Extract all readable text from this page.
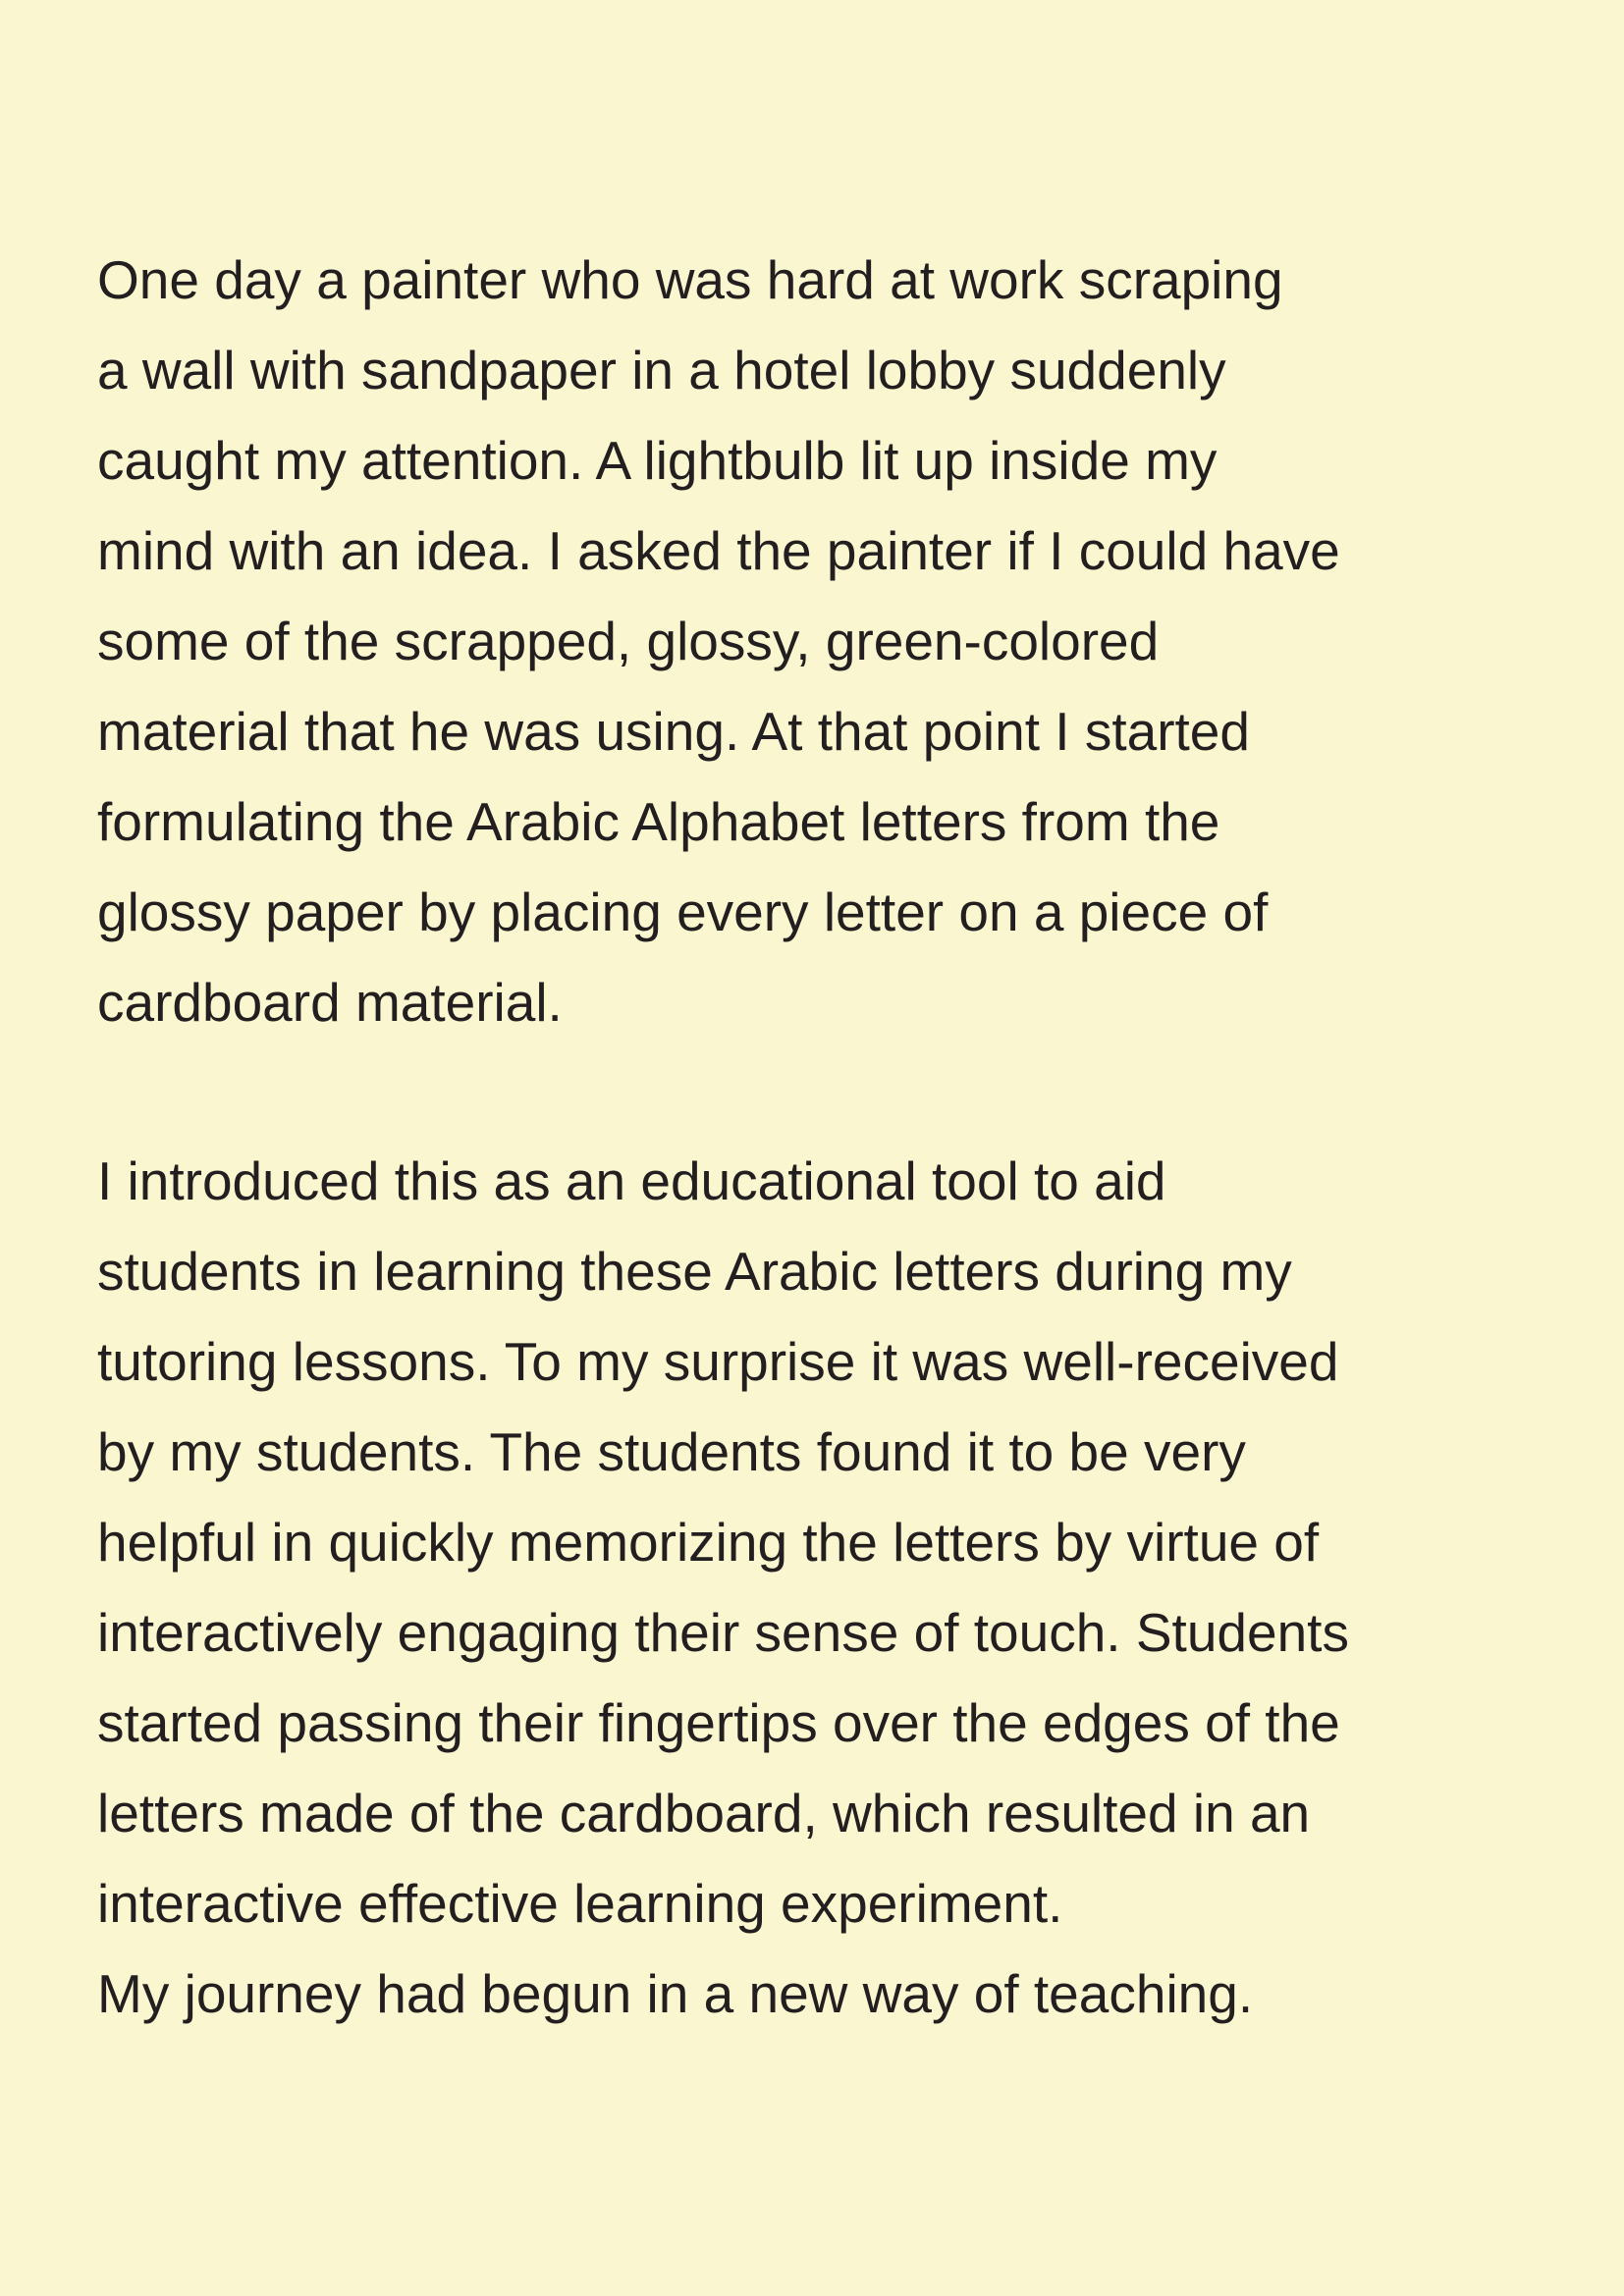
One day a painter who was hard at work scraping
a wall with sandpaper in a hotel lobby suddenly
caught my attention. A lightbulb lit up inside my
mind with an idea. I asked the painter if I could have
some of the scrapped, glossy, green-colored
material that he was using. At that point I started
formulating the Arabic Alphabet letters from the
glossy paper by placing every letter on a piece of
cardboard material.
I introduced this as an educational tool to aid
students in learning these Arabic letters during my
tutoring lessons. To my surprise it was well-received
by my students. The students found it to be very
helpful in quickly memorizing the letters by virtue of
interactively engaging their sense of touch. Students
started passing their fingertips over the edges of the
letters made of the cardboard, which resulted in an
interactive effective learning experiment.
My journey had begun in a new way of teaching.
